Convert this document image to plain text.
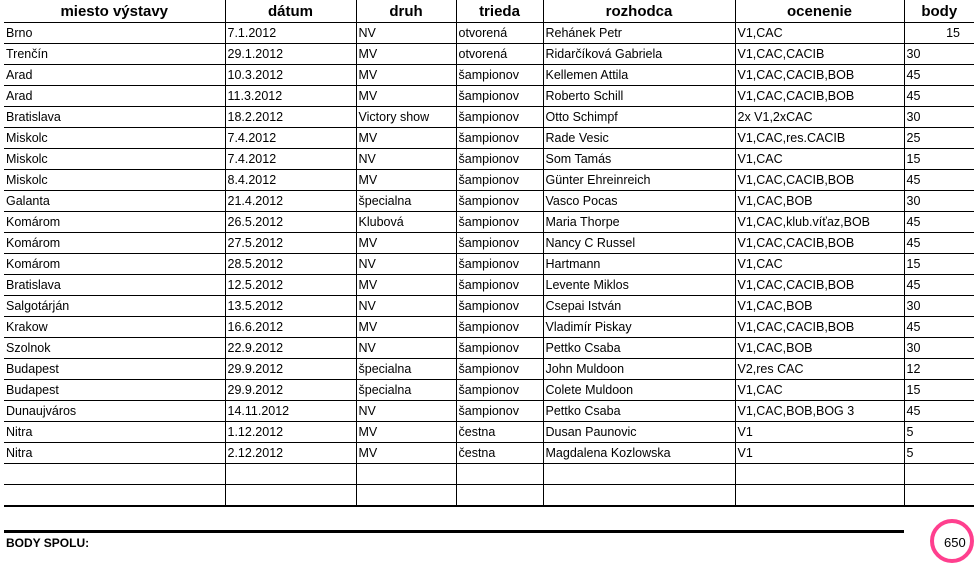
miesto výstavy	dátum	druh	trieda	rozhodca	ocenenie	body
Brno	7.1.2012	NV	otvorená	Rehánek Petr	V1,CAC	15
Trenčín	29.1.2012	MV	otvorená	Ridarčíková Gabriela	V1,CAC,CACIB	30
Arad	10.3.2012	MV	šampionov	Kellemen Attila	V1,CAC,CACIB,BOB	45
Arad	11.3.2012	MV	šampionov	Roberto Schill	V1,CAC,CACIB,BOB	45
Bratislava	18.2.2012	Victory show	šampionov	Otto Schimpf	2x V1,2xCAC	30
Miskolc	7.4.2012	MV	šampionov	Rade Vesic	V1,CAC,res.CACIB	25
Miskolc	7.4.2012	NV	šampionov	Som Tamás	V1,CAC	15
Miskolc	8.4.2012	MV	šampionov	Günter Ehreinreich	V1,CAC,CACIB,BOB	45
Galanta	21.4.2012	špecialna	šampionov	Vasco Pocas	V1,CAC,BOB	30
Komárom	26.5.2012	Klubová	šampionov	Maria Thorpe	V1,CAC,klub.víťaz,BOB	45
Komárom	27.5.2012	MV	šampionov	Nancy C Russel	V1,CAC,CACIB,BOB	45
Komárom	28.5.2012	NV	šampionov	Hartmann	V1,CAC	15
Bratislava	12.5.2012	MV	šampionov	Levente Miklos	V1,CAC,CACIB,BOB	45
Salgotárján	13.5.2012	NV	šampionov	Csepai István	V1,CAC,BOB	30
Krakow	16.6.2012	MV	šampionov	Vladimír Piskay	V1,CAC,CACIB,BOB	45
Szolnok	22.9.2012	NV	šampionov	Pettko Csaba	V1,CAC,BOB	30
Budapest	29.9.2012	špecialna	šampionov	John Muldoon	V2,res CAC	12
Budapest	29.9.2012	špecialna	šampionov	Colete Muldoon	V1,CAC	15
Dunaujváros	14.11.2012	NV	šampionov	Pettko Csaba	V1,CAC,BOB,BOG 3	45
Nitra	1.12.2012	MV	čestna	Dusan Paunovic	V1	5
Nitra	2.12.2012	MV	čestna	Magdalena Kozlowska	V1	5

BODY SPOLU:	650
